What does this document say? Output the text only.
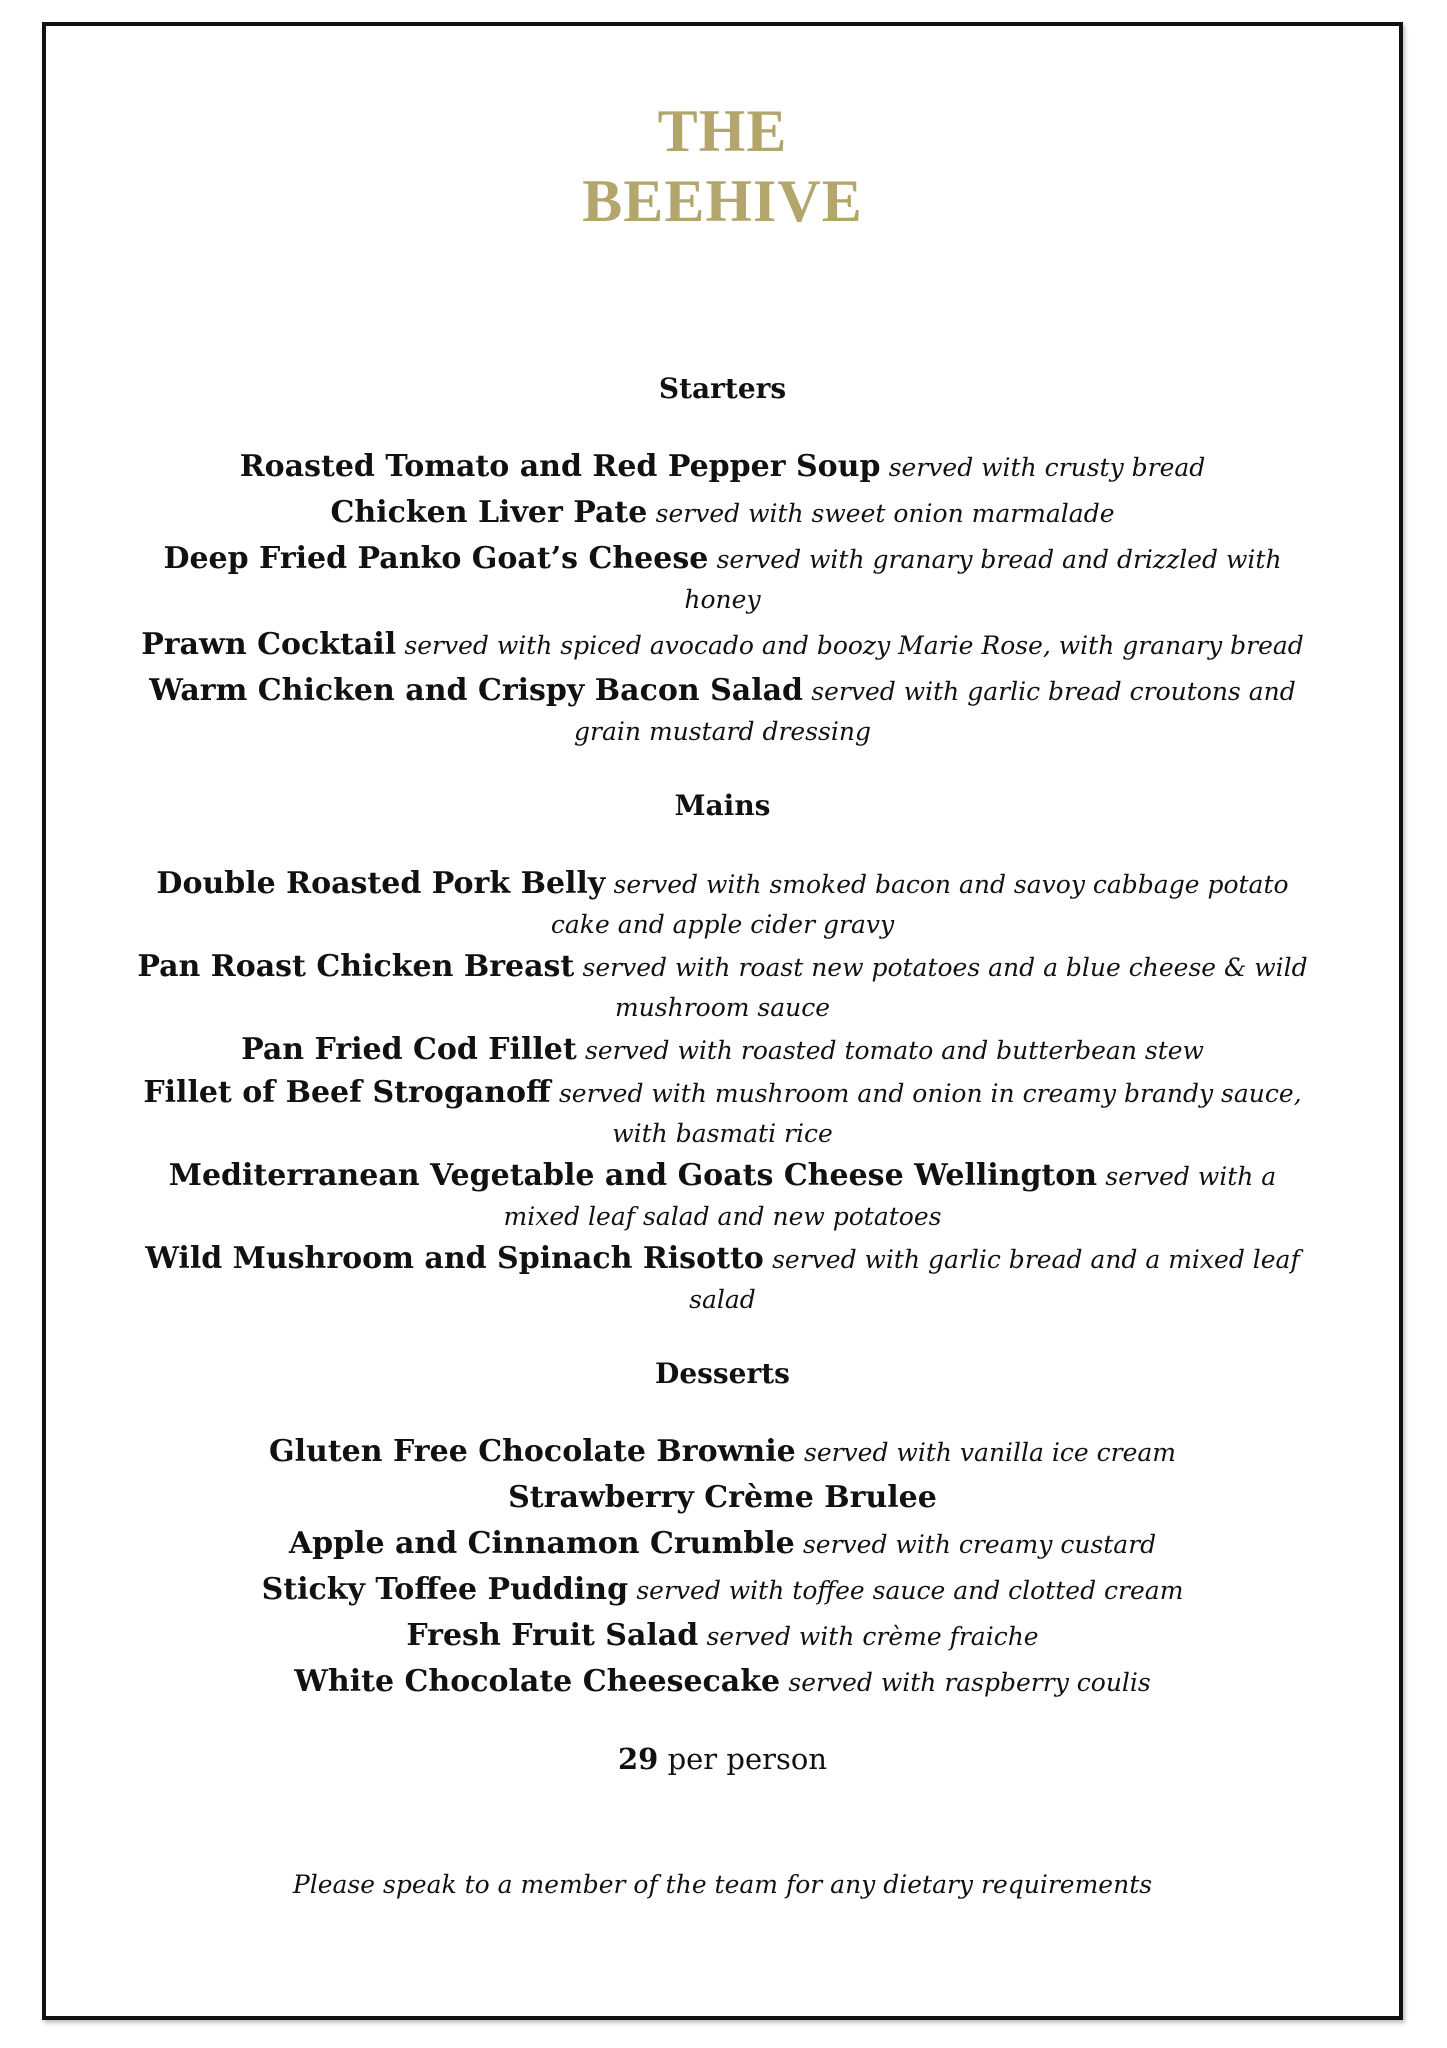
THE
BEEHIVE
Starters
Roasted Tomato and Red Pepper Soup served with crusty bread
Chicken Liver Pate served with sweet onion marmalade
Deep Fried Panko Goat’s Cheese served with granary bread and drizzled with honey
Prawn Cocktail served with spiced avocado and boozy Marie Rose, with granary bread
Warm Chicken and Crispy Bacon Salad served with garlic bread croutons and grain mustard dressing
Mains
Double Roasted Pork Belly served with smoked bacon and savoy cabbage potato cake and apple cider gravy
Pan Roast Chicken Breast served with roast new potatoes and a blue cheese & wild mushroom sauce
Pan Fried Cod Fillet served with roasted tomato and butterbean stew
Fillet of Beef Stroganoff served with mushroom and onion in creamy brandy sauce, with basmati rice
Mediterranean Vegetable and Goats Cheese Wellington served with a mixed leaf salad and new potatoes
Wild Mushroom and Spinach Risotto served with garlic bread and a mixed leaf salad
Desserts
Gluten Free Chocolate Brownie served with vanilla ice cream
Strawberry Crème Brulee
Apple and Cinnamon Crumble served with creamy custard
Sticky Toffee Pudding served with toffee sauce and clotted cream
Fresh Fruit Salad served with crème fraiche
White Chocolate Cheesecake served with raspberry coulis
29 per person
Please speak to a member of the team for any dietary requirements
